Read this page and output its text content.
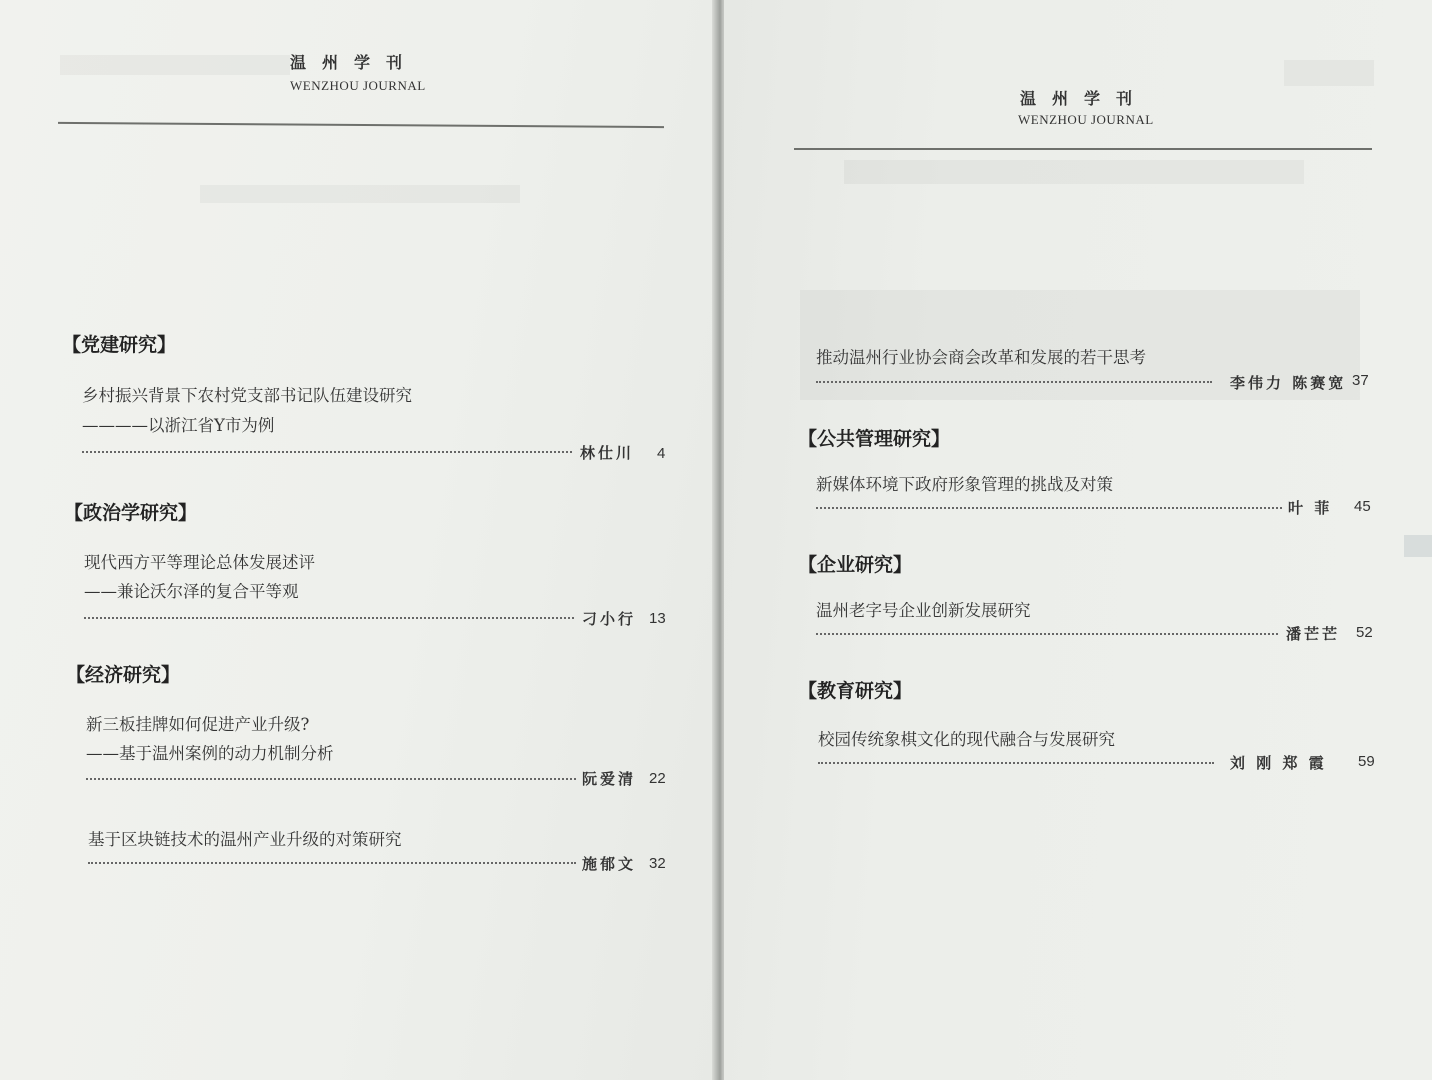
温州学刊
WENZHOU JOURNAL
【党建研究】
乡村振兴背景下农村党支部书记队伍建设研究
————以浙江省Y市为例
林仕川 4
【政治学研究】
现代西方平等理论总体发展述评
——兼论沃尔泽的复合平等观
刁小行 13
【经济研究】
新三板挂牌如何促进产业升级?
——基于温州案例的动力机制分析
阮爱清 22
基于区块链技术的温州产业升级的对策研究
施郁文 32
温州学刊
WENZHOU JOURNAL
推动温州行业协会商会改革和发展的若干思考
李伟力 陈赛宽 37
【公共管理研究】
新媒体环境下政府形象管理的挑战及对策
叶 菲 45
【企业研究】
温州老字号企业创新发展研究
潘芒芒 52
【教育研究】
校园传统象棋文化的现代融合与发展研究
刘 刚 郑 霞 59
